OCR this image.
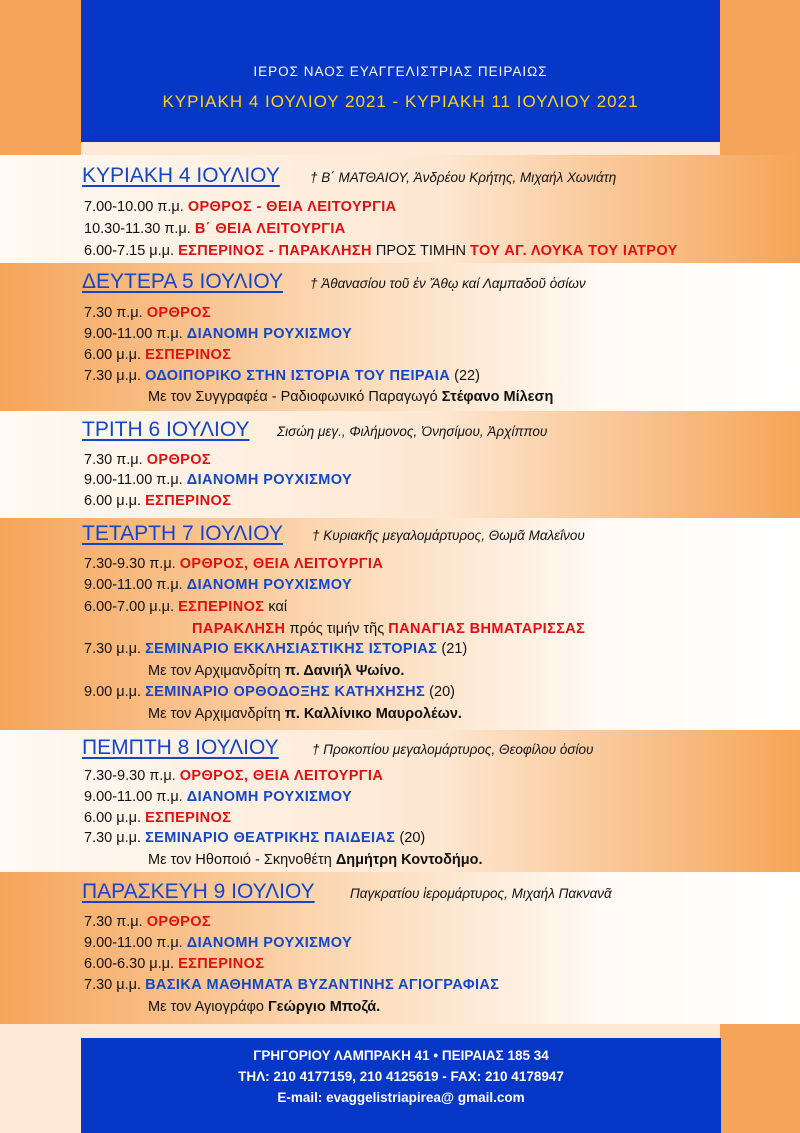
ΙΕΡΟΣ ΝΑΟΣ ΕΥΑΓΓΕΛΙΣΤΡΙΑΣ ΠΕΙΡΑΙΩΣ
ΚΥΡΙΑΚΗ 4 ΙΟΥΛΙΟΥ 2021 - ΚΥΡΙΑΚΗ 11 ΙΟΥΛΙΟΥ 2021
ΚΥΡΙΑΚΗ 4 ΙΟΥΛΙΟΥ † Β΄ ΜΑΤΘΑΙΟΥ, Ἀνδρέου Κρήτης, Μιχαήλ Χωνιάτη
7.00-10.00 π.μ. ΟΡΘΡΟΣ - ΘΕΙΑ ΛΕΙΤΟΥΡΓΙΑ
10.30-11.30 π.μ. Β΄ ΘΕΙΑ ΛΕΙΤΟΥΡΓΙΑ
6.00-7.15 μ.μ. ΕΣΠΕΡΙΝΟΣ - ΠΑΡΑΚΛΗΣΗ ΠΡΟΣ ΤΙΜΗΝ ΤΟΥ ΑΓ. ΛΟΥΚΑ ΤΟΥ ΙΑΤΡΟΥ
ΔΕΥΤΕΡΑ 5 ΙΟΥΛΙΟΥ † Ἀθανασίου τοῦ ἐν Ἄθῳ καί Λαμπαδοῦ ὁσίων
7.30 π.μ. ΟΡΘΡΟΣ
9.00-11.00 π.μ. ΔΙΑΝΟΜΗ ΡΟΥΧΙΣΜΟΥ
6.00 μ.μ. ΕΣΠΕΡΙΝΟΣ
7.30 μ.μ. ΟΔΟΙΠΟΡΙΚΟ ΣΤΗΝ ΙΣΤΟΡΙΑ ΤΟΥ ΠΕΙΡΑΙΑ (22)
Με τον Συγγραφέα - Ραδιοφωνικό Παραγωγό Στέφανο Μίλεση
ΤΡΙΤΗ 6 ΙΟΥΛΙΟΥ Σισώη μεγ., Φιλήμονος, Ὀνησίμου, Ἀρχίππου
7.30 π.μ. ΟΡΘΡΟΣ
9.00-11.00 π.μ. ΔΙΑΝΟΜΗ ΡΟΥΧΙΣΜΟΥ
6.00 μ.μ. ΕΣΠΕΡΙΝΟΣ
ΤΕΤΑΡΤΗ 7 ΙΟΥΛΙΟΥ † Κυριακῆς μεγαλομάρτυρος, Θωμᾶ Μαλεΐνου
7.30-9.30 π.μ. ΟΡΘΡΟΣ, ΘΕΙΑ ΛΕΙΤΟΥΡΓΙΑ
9.00-11.00 π.μ. ΔΙΑΝΟΜΗ ΡΟΥΧΙΣΜΟΥ
6.00-7.00 μ.μ. ΕΣΠΕΡΙΝΟΣ καί
ΠΑΡΑΚΛΗΣΗ πρός τιμήν τῆς ΠΑΝΑΓΙΑΣ ΒΗΜΑΤΑΡΙΣΣΑΣ
7.30 μ.μ. ΣΕΜΙΝΑΡΙΟ ΕΚΚΛΗΣΙΑΣΤΙΚΗΣ ΙΣΤΟΡΙΑΣ (21)
Με τον Αρχιμανδρίτη π. Δανιήλ Ψωίνο.
9.00 μ.μ. ΣΕΜΙΝΑΡΙΟ ΟΡΘΟΔΟΞΗΣ ΚΑΤΗΧΗΣΗΣ (20)
Με τον Αρχιμανδρίτη π. Καλλίνικο Μαυρολέων.
ΠΕΜΠΤΗ 8 ΙΟΥΛΙΟΥ † Προκοπίου μεγαλομάρτυρος, Θεοφίλου ὁσίου
7.30-9.30 π.μ. ΟΡΘΡΟΣ, ΘΕΙΑ ΛΕΙΤΟΥΡΓΙΑ
9.00-11.00 π.μ. ΔΙΑΝΟΜΗ ΡΟΥΧΙΣΜΟΥ
6.00 μ.μ. ΕΣΠΕΡΙΝΟΣ
7.30 μ.μ. ΣΕΜΙΝΑΡΙΟ ΘΕΑΤΡΙΚΗΣ ΠΑΙΔΕΙΑΣ (20)
Με τον Ηθοποιό - Σκηνοθέτη Δημήτρη Κοντοδήμο.
ΠΑΡΑΣΚΕΥΗ 9 ΙΟΥΛΙΟΥ	Παγκρατίου ἱερομάρτυρος, Μιχαήλ Πακνανᾶ
7.30 π.μ. ΟΡΘΡΟΣ
9.00-11.00 π.μ. ΔΙΑΝΟΜΗ ΡΟΥΧΙΣΜΟΥ
6.00-6.30 μ.μ. ΕΣΠΕΡΙΝΟΣ
7.30 μ.μ. ΒΑΣΙΚΑ ΜΑΘΗΜΑΤΑ ΒΥΖΑΝΤΙΝΗΣ ΑΓΙΟΓΡΑΦΙΑΣ
Με τον Αγιογράφο Γεώργιο Μποζά.
ΓΡΗΓΟΡΙΟΥ ΛΑΜΠΡΑΚΗ 41 • ΠΕΙΡΑΙΑΣ 185 34
ΤΗΛ: 210 4177159, 210 4125619 - FAX: 210 4178947
E-mail: evaggelistriapirea@ gmail.com
